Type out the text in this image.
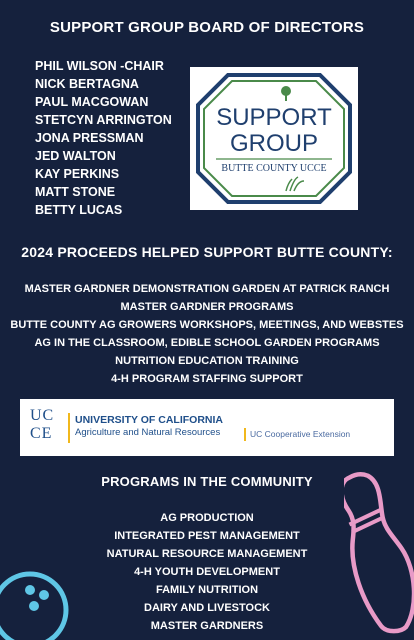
SUPPORT GROUP BOARD OF DIRECTORS
PHIL WILSON -CHAIR
NICK BERTAGNA
PAUL MACGOWAN
STETCYN ARRINGTON
JONA PRESSMAN
JED WALTON
KAY PERKINS
MATT STONE
BETTY LUCAS
SUPPORT
GROUP
BUTTE COUNTY UCCE
2024 PROCEEDS HELPED SUPPORT BUTTE COUNTY:
MASTER GARDNER DEMONSTRATION GARDEN AT PATRICK RANCH
MASTER GARDNER PROGRAMS
BUTTE COUNTY AG GROWERS WORKSHOPS, MEETINGS, AND WEBSTES
AG IN THE CLASSROOM, EDIBLE SCHOOL GARDEN PROGRAMS
NUTRITION EDUCATION TRAINING
4-H PROGRAM STAFFING SUPPORT
UC CE
UNIVERSITY OF CALIFORNIA
Agriculture and Natural Resources	UC Cooperative Extension
PROGRAMS IN THE COMMUNITY
AG PRODUCTION
INTEGRATED PEST MANAGEMENT
NATURAL RESOURCE MANAGEMENT
4-H YOUTH DEVELOPMENT
FAMILY NUTRITION
DAIRY AND LIVESTOCK
MASTER GARDNERS
